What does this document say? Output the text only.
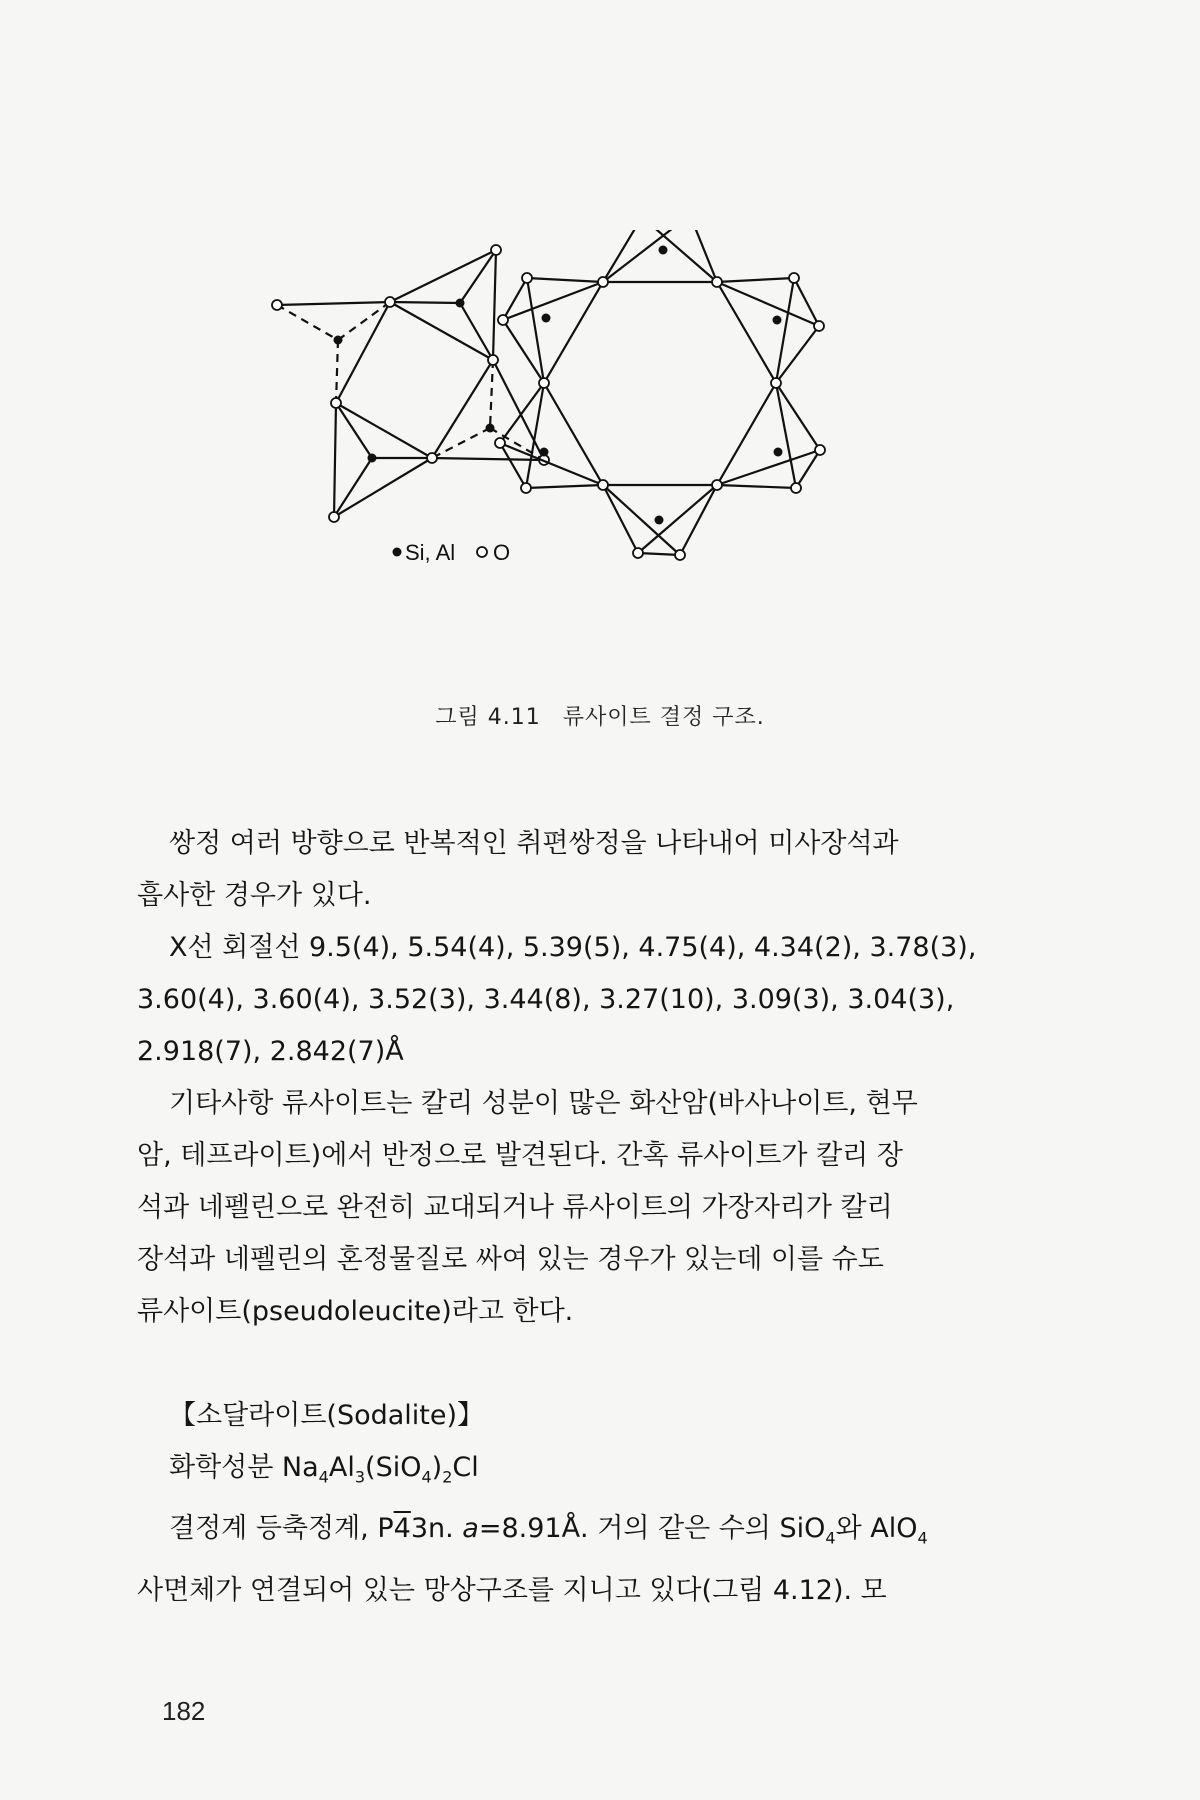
Si, Al O
그림 4.11 류사이트 결정 구조.

쌍정 여러 방향으로 반복적인 취편쌍정을 나타내어 미사장석과

흡사한 경우가 있다.

X선 회절선 9.5(4), 5.54(4), 5.39(5), 4.75(4), 4.34(2), 3.78(3),

3.60(4), 3.60(4), 3.52(3), 3.44(8), 3.27(10), 3.09(3), 3.04(3),

2.918(7), 2.842(7)Å

기타사항 류사이트는 칼리 성분이 많은 화산암(바사나이트, 현무

암, 테프라이트)에서 반정으로 발견된다. 간혹 류사이트가 칼리 장

석과 네펠린으로 완전히 교대되거나 류사이트의 가장자리가 칼리

장석과 네펠린의 혼정물질로 싸여 있는 경우가 있는데 이를 슈도

류사이트(pseudoleucite)라고 한다.

【소달라이트(Sodalite)】

화학성분 $Na_4Al_3(SiO_4)_2Cl$

결정계 등축정계, P43n. a=8.91Å. 거의 같은 수의 SiO$_4$와 AlO$_4$

사면체가 연결되어 있는 망상구조를 지니고 있다(그림 4.12). 모

182
